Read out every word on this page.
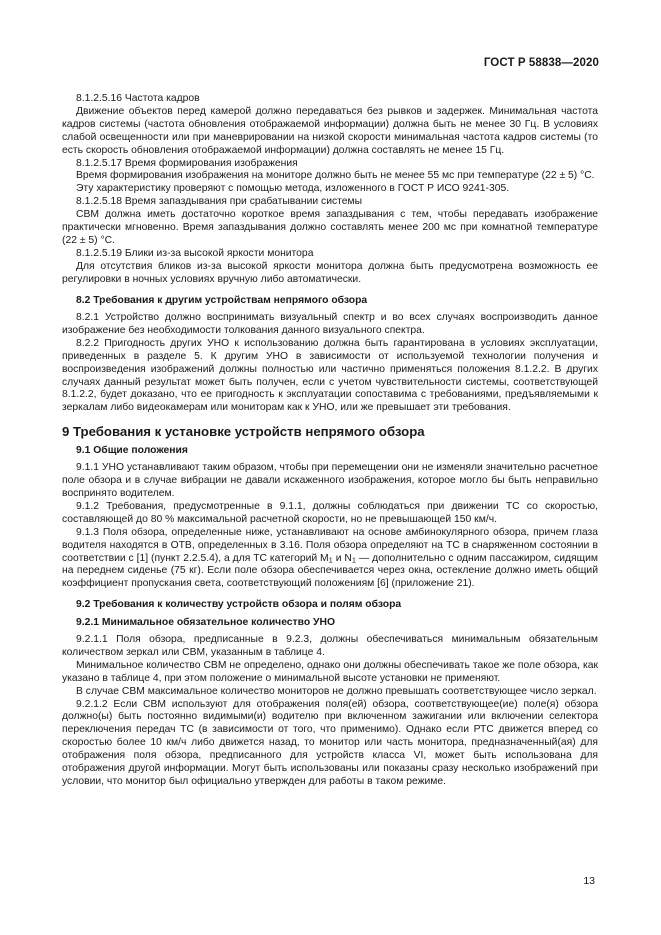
ГОСТ Р 58838—2020
8.1.2.5.16 Частота кадров
Движение объектов перед камерой должно передаваться без рывков и задержек. Минимальная частота кадров системы (частота обновления отображаемой информации) должна быть не менее 30 Гц. В условиях слабой освещенности или при маневрировании на низкой скорости минимальная частота кадров системы (то есть скорость обновления отображаемой информации) должна составлять не менее 15 Гц.
8.1.2.5.17 Время формирования изображения
Время формирования изображения на мониторе должно быть не менее 55 мс при температуре (22 ± 5) °С.
Эту характеристику проверяют с помощью метода, изложенного в ГОСТ Р ИСО 9241-305.
8.1.2.5.18 Время запаздывания при срабатывании системы
СВМ должна иметь достаточно короткое время запаздывания с тем, чтобы передавать изображение практически мгновенно. Время запаздывания должно составлять менее 200 мс при комнатной температуре (22 ± 5) °С.
8.1.2.5.19 Блики из-за высокой яркости монитора
Для отсутствия бликов из-за высокой яркости монитора должна быть предусмотрена возможность ее регулировки в ночных условиях вручную либо автоматически.
8.2 Требования к другим устройствам непрямого обзора
8.2.1 Устройство должно воспринимать визуальный спектр и во всех случаях воспроизводить данное изображение без необходимости толкования данного визуального спектра.
8.2.2 Пригодность других УНО к использованию должна быть гарантирована в условиях эксплуатации, приведенных в разделе 5. К другим УНО в зависимости от используемой технологии получения и воспроизведения изображений должны полностью или частично применяться положения 8.1.2.2. В других случаях данный результат может быть получен, если с учетом чувствительности системы, соответствующей 8.1.2.2, будет доказано, что ее пригодность к эксплуатации сопоставима с требованиями, предъявляемыми к зеркалам либо видеокамерам или мониторам как к УНО, или же превышает эти требования.
9 Требования к установке устройств непрямого обзора
9.1 Общие положения
9.1.1 УНО устанавливают таким образом, чтобы при перемещении они не изменяли значительно расчетное поле обзора и в случае вибрации не давали искаженного изображения, которое могло бы быть неправильно воспринято водителем.
9.1.2 Требования, предусмотренные в 9.1.1, должны соблюдаться при движении ТС со скоростью, составляющей до 80 % максимальной расчетной скорости, но не превышающей 150 км/ч.
9.1.3 Поля обзора, определенные ниже, устанавливают на основе амбинокулярного обзора, причем глаза водителя находятся в ОТВ, определенных в 3.16. Поля обзора определяют на ТС в снаряженном состоянии в соответствии с [1] (пункт 2.2.5.4), а для ТС категорий $М_1$ и $N_1$ — дополнительно с одним пассажиром, сидящим на переднем сиденье (75 кг). Если поле обзора обеспечивается через окна, остекление должно иметь общий коэффициент пропускания света, соответствующий положениям [6] (приложение 21).
9.2 Требования к количеству устройств обзора и полям обзора
9.2.1 Минимальное обязательное количество УНО
9.2.1.1 Поля обзора, предписанные в 9.2.3, должны обеспечиваться минимальным обязательным количеством зеркал или СВМ, указанным в таблице 4.
Минимальное количество СВМ не определено, однако они должны обеспечивать такое же поле обзора, как указано в таблице 4, при этом положение о минимальной высоте установки не применяют.
В случае СВМ максимальное количество мониторов не должно превышать соответствующее число зеркал.
9.2.1.2 Если СВМ используют для отображения поля(ей) обзора, соответствующее(ие) поле(я) обзора должно(ы) быть постоянно видимыми(и) водителю при включенном зажигании или включении селектора переключения передач ТС (в зависимости от того, что применимо). Однако если РТС движется вперед со скоростью более 10 км/ч либо движется назад, то монитор или часть монитора, предназначенный(ая) для отображения поля обзора, предписанного для устройств класса VI, может быть использована для отображения другой информации. Могут быть использованы или показаны сразу несколько изображений при условии, что монитор был официально утвержден для работы в таком режиме.
13
